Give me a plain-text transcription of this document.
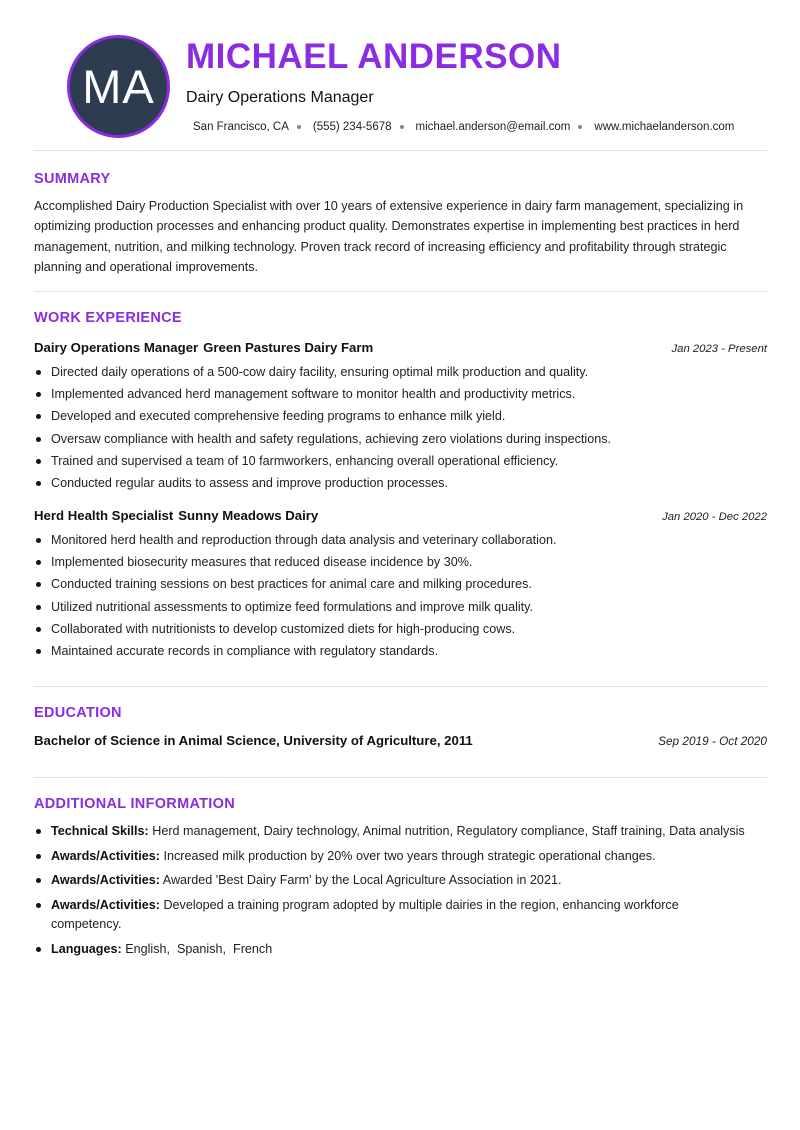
MA
MICHAEL ANDERSON
Dairy Operations Manager
San Francisco, CA (555) 234-5678 michael.anderson@email.com www.michaelanderson.com
SUMMARY
Accomplished Dairy Production Specialist with over 10 years of extensive experience in dairy farm management, specializing in optimizing production processes and enhancing product quality. Demonstrates expertise in implementing best practices in herd management, nutrition, and milking technology. Proven track record of increasing efficiency and profitability through strategic planning and operational improvements.
WORK EXPERIENCE
Dairy Operations Manager Green Pastures Dairy Farm	Jan 2023 - Present
Directed daily operations of a 500-cow dairy facility, ensuring optimal milk production and quality.
Implemented advanced herd management software to monitor health and productivity metrics.
Developed and executed comprehensive feeding programs to enhance milk yield.
Oversaw compliance with health and safety regulations, achieving zero violations during inspections.
Trained and supervised a team of 10 farmworkers, enhancing overall operational efficiency.
Conducted regular audits to assess and improve production processes.
Herd Health Specialist Sunny Meadows Dairy	Jan 2020 - Dec 2022
Monitored herd health and reproduction through data analysis and veterinary collaboration.
Implemented biosecurity measures that reduced disease incidence by 30%.
Conducted training sessions on best practices for animal care and milking procedures.
Utilized nutritional assessments to optimize feed formulations and improve milk quality.
Collaborated with nutritionists to develop customized diets for high-producing cows.
Maintained accurate records in compliance with regulatory standards.
EDUCATION
Bachelor of Science in Animal Science, University of Agriculture, 2011	Sep 2019 - Oct 2020
ADDITIONAL INFORMATION
Technical Skills: Herd management, Dairy technology, Animal nutrition, Regulatory compliance, Staff training, Data analysis
Awards/Activities: Increased milk production by 20% over two years through strategic operational changes.
Awards/Activities: Awarded 'Best Dairy Farm' by the Local Agriculture Association in 2021.
Awards/Activities: Developed a training program adopted by multiple dairies in the region, enhancing workforce competency.
Languages: English,  Spanish,  French
